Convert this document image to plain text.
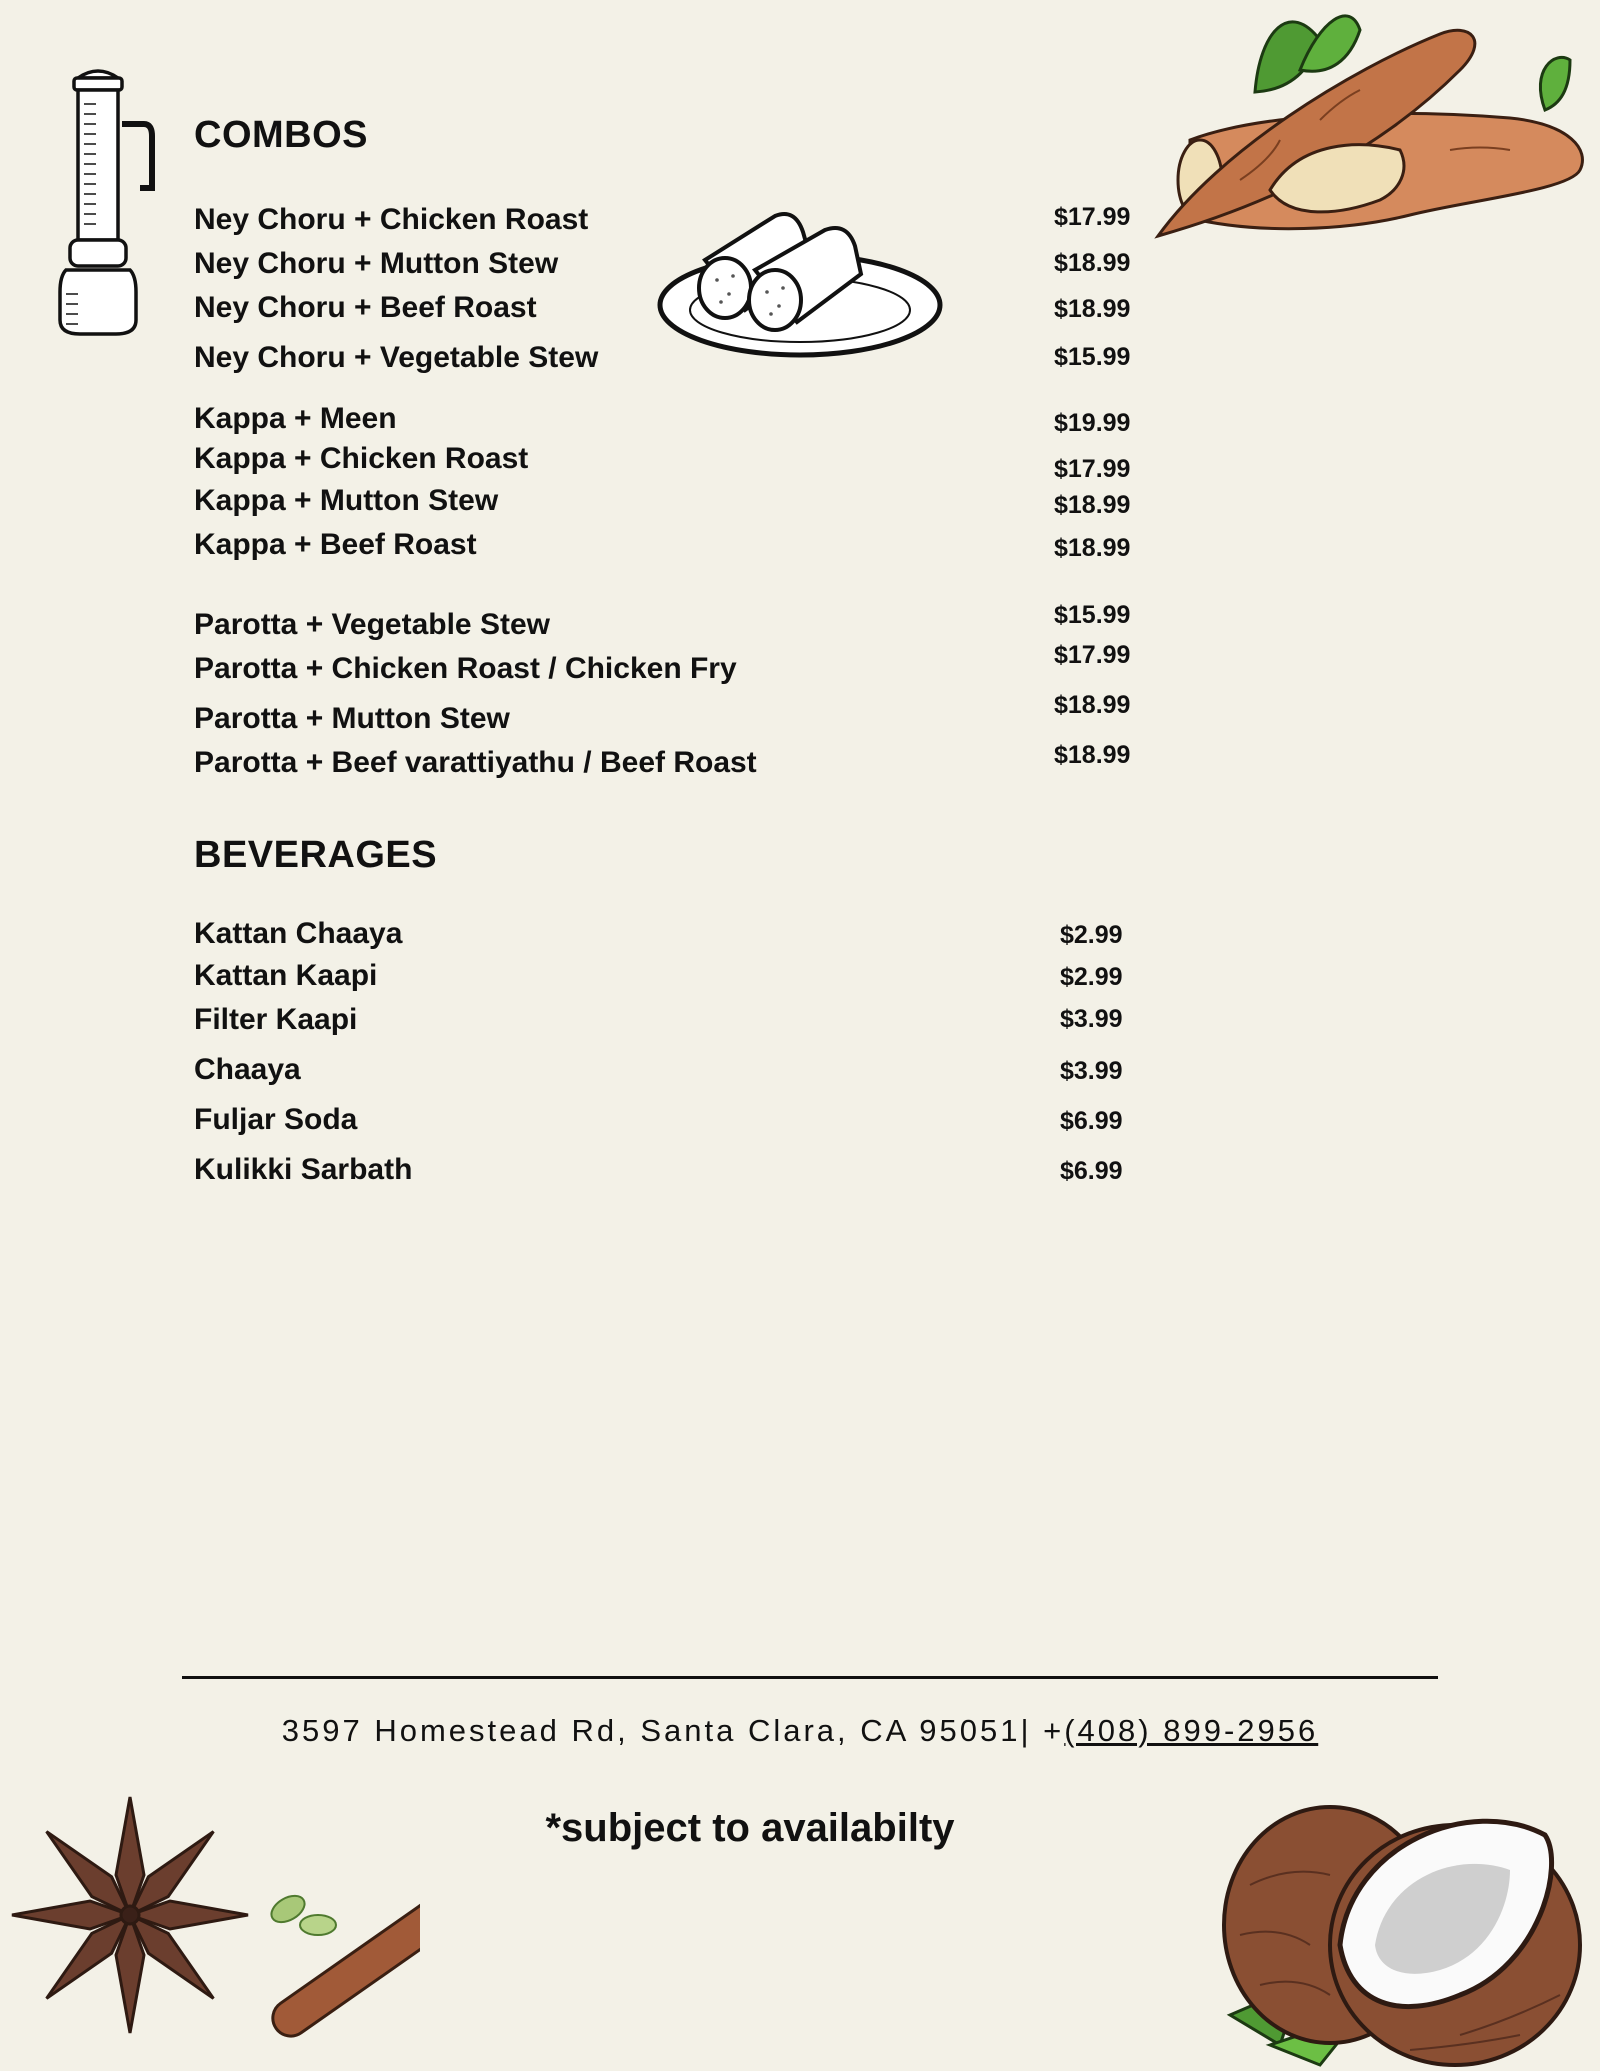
COMBOS
Ney Choru + Chicken Roast
Ney Choru + Mutton Stew
Ney Choru + Beef Roast
Ney Choru + Vegetable Stew
Kappa + Meen
Kappa + Chicken Roast
Kappa + Mutton Stew
Kappa + Beef Roast
Parotta + Vegetable Stew
Parotta + Chicken Roast / Chicken Fry
Parotta + Mutton Stew
Parotta + Beef varattiyathu / Beef Roast
$17.99
$18.99
$18.99
$15.99
$19.99
$17.99
$18.99
$18.99
$15.99
$17.99
$18.99
$18.99
BEVERAGES
Kattan Chaaya
Kattan Kaapi
Filter Kaapi
Chaaya
Fuljar Soda
Kulikki Sarbath
$2.99
$2.99
$3.99
$3.99
$6.99
$6.99
3597 Homestead Rd, Santa Clara, CA 95051| +(408) 899-2956
*subject to availabilty
